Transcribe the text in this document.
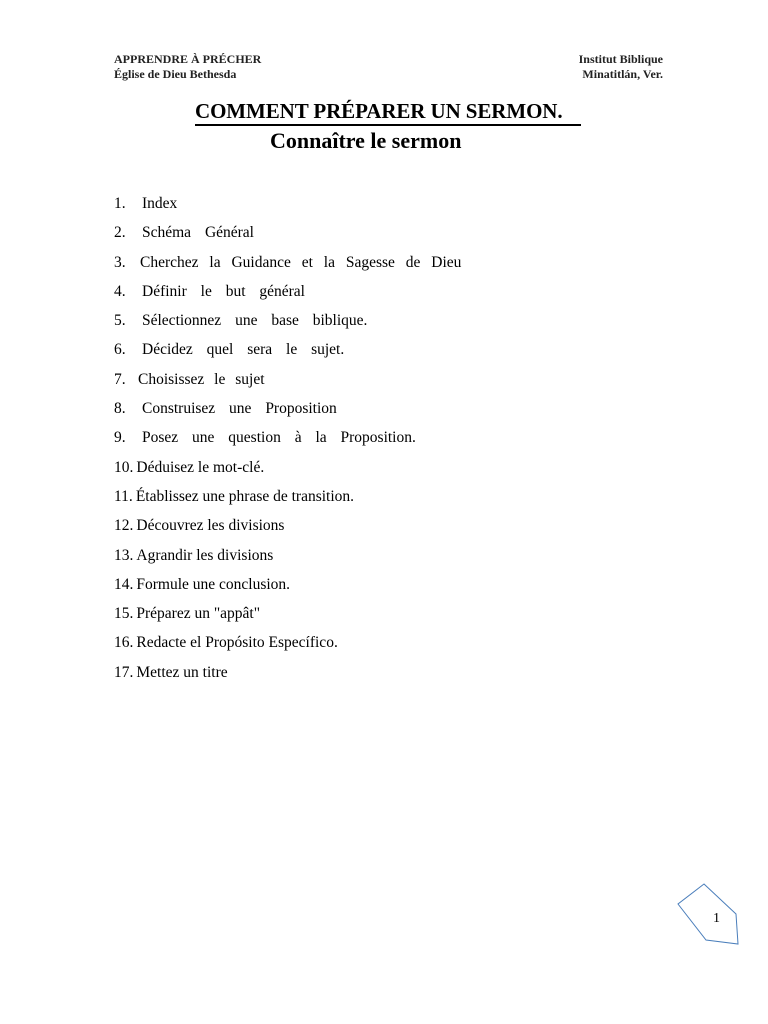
APPRENDRE À PRÉCHER
Église de Dieu Bethesda
Institut Biblique
Minatitlán, Ver.
COMMENT PRÉPARER UN SERMON.
Connaître le sermon
1. Index
2. Schéma Général
3. Cherchez la Guidance et la Sagesse de Dieu
4. Définir le but général
5. Sélectionnez une base biblique.
6. Décidez quel sera le sujet.
7. Choisissez le sujet
8. Construisez une Proposition
9. Posez une question à la Proposition.
10. Déduisez le mot-clé.
11. Établissez une phrase de transition.
12. Découvrez les divisions
13. Agrandir les divisions
14. Formule une conclusion.
15. Préparez un "appât"
16. Redacte el Propósito Específico.
17. Mettez un titre
1
